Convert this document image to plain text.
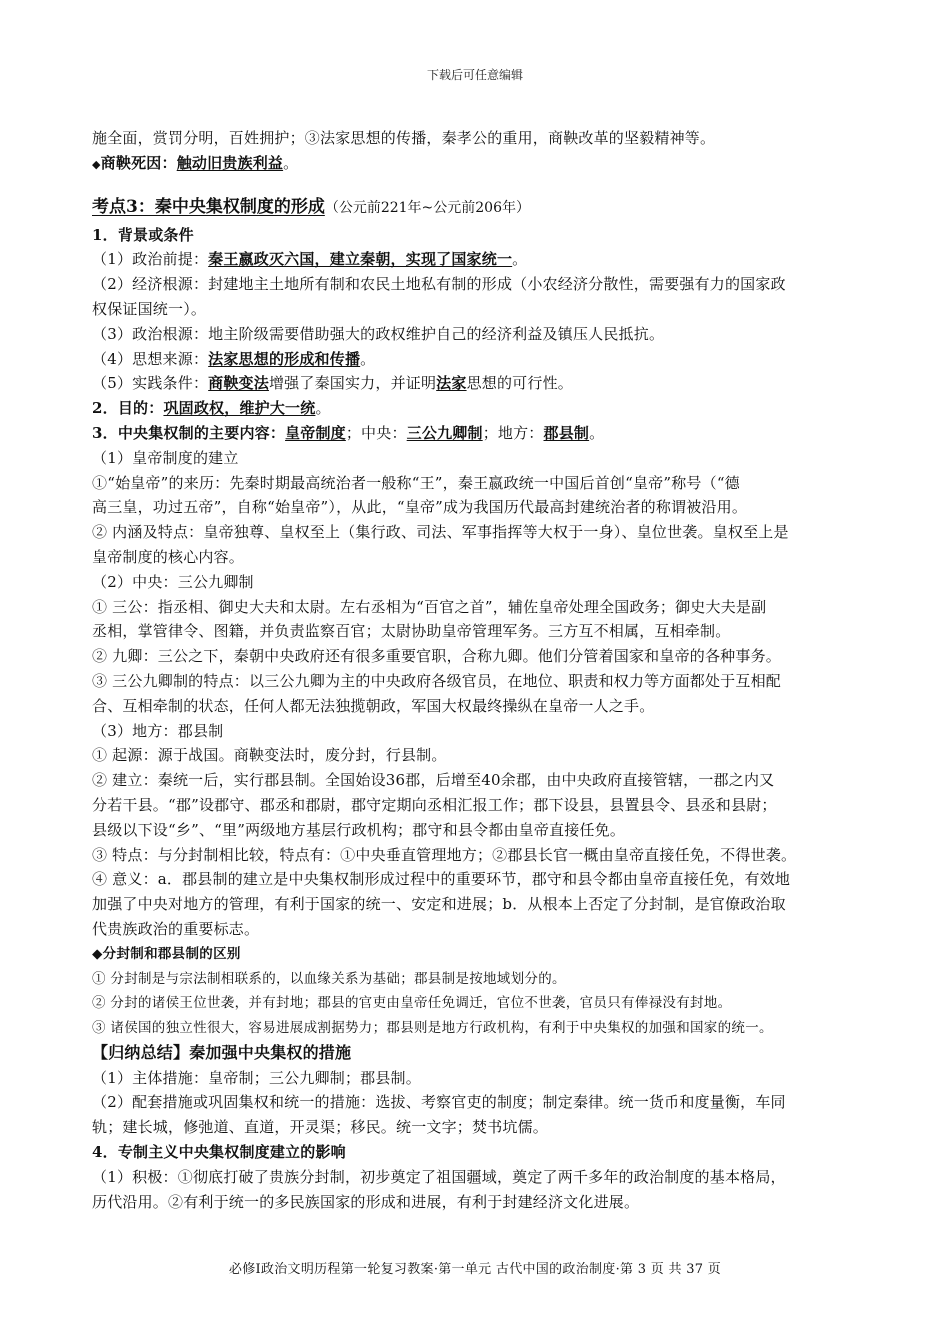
下载后可任意编辑
施全面，赏罚分明，百姓拥护；③法家思想的传播，秦孝公的重用，商鞅改革的坚毅精神等。
◆商鞅死因：触动旧贵族利益。
考点3：秦中央集权制度的形成（公元前221年~公元前206年）
1．背景或条件
（1）政治前提：秦王嬴政灭六国，建立秦朝，实现了国家统一。
（2）经济根源：封建地主土地所有制和农民土地私有制的形成（小农经济分散性，需要强有力的国家政
权保证国统一）。
（3）政治根源：地主阶级需要借助强大的政权维护自己的经济利益及镇压人民抵抗。
（4）思想来源：法家思想的形成和传播。
（5）实践条件：商鞅变法增强了秦国实力，并证明法家思想的可行性。
2．目的：巩固政权，维护大一统。
3．中央集权制的主要内容：皇帝制度；中央：三公九卿制；地方：郡县制。
（1）皇帝制度的建立
①“始皇帝”的来历：先秦时期最高统治者一般称“王”，秦王嬴政统一中国后首创“皇帝”称号（“德
高三皇，功过五帝”，自称“始皇帝”），从此，“皇帝”成为我国历代最高封建统治者的称谓被沿用。
② 内涵及特点：皇帝独尊、皇权至上（集行政、司法、军事指挥等大权于一身）、皇位世袭。皇权至上是
皇帝制度的核心内容。
（2）中央：三公九卿制
① 三公：指丞相、御史大夫和太尉。左右丞相为“百官之首”，辅佐皇帝处理全国政务；御史大夫是副
丞相，掌管律令、图籍，并负责监察百官；太尉协助皇帝管理军务。三方互不相属，互相牵制。
② 九卿：三公之下，秦朝中央政府还有很多重要官职，合称九卿。他们分管着国家和皇帝的各种事务。
③ 三公九卿制的特点：以三公九卿为主的中央政府各级官员，在地位、职责和权力等方面都处于互相配
合、互相牵制的状态，任何人都无法独揽朝政，军国大权最终操纵在皇帝一人之手。
（3）地方：郡县制
① 起源：源于战国。商鞅变法时，废分封，行县制。
② 建立：秦统一后，实行郡县制。全国始设36郡，后增至40余郡，由中央政府直接管辖，一郡之内又
分若干县。“郡”设郡守、郡丞和郡尉，郡守定期向丞相汇报工作；郡下设县，县置县令、县丞和县尉；
县级以下设“乡”、“里”两级地方基层行政机构；郡守和县令都由皇帝直接任免。
③ 特点：与分封制相比较，特点有：①中央垂直管理地方；②郡县长官一概由皇帝直接任免，不得世袭。
④ 意义：a．郡县制的建立是中央集权制形成过程中的重要环节，郡守和县令都由皇帝直接任免，有效地
加强了中央对地方的管理，有利于国家的统一、安定和进展；b．从根本上否定了分封制，是官僚政治取
代贵族政治的重要标志。
◆分封制和郡县制的区别
① 分封制是与宗法制相联系的，以血缘关系为基础；郡县制是按地域划分的。
② 分封的诸侯王位世袭，并有封地；郡县的官吏由皇帝任免调迁，官位不世袭，官员只有俸禄没有封地。
③ 诸侯国的独立性很大，容易进展成割据势力；郡县则是地方行政机构，有利于中央集权的加强和国家的统一。
【归纳总结】秦加强中央集权的措施
（1）主体措施：皇帝制；三公九卿制；郡县制。
（2）配套措施或巩固集权和统一的措施：选拔、考察官吏的制度；制定秦律。统一货币和度量衡，车同
轨；建长城，修弛道、直道，开灵渠；移民。统一文字；焚书坑儒。
4．专制主义中央集权制度建立的影响
（1）积极：①彻底打破了贵族分封制，初步奠定了祖国疆域，奠定了两千多年的政治制度的基本格局，
历代沿用。②有利于统一的多民族国家的形成和进展，有利于封建经济文化进展。
必修Ⅰ政治文明历程第一轮复习教案·第一单元 古代中国的政治制度·第 3 页 共 37 页
